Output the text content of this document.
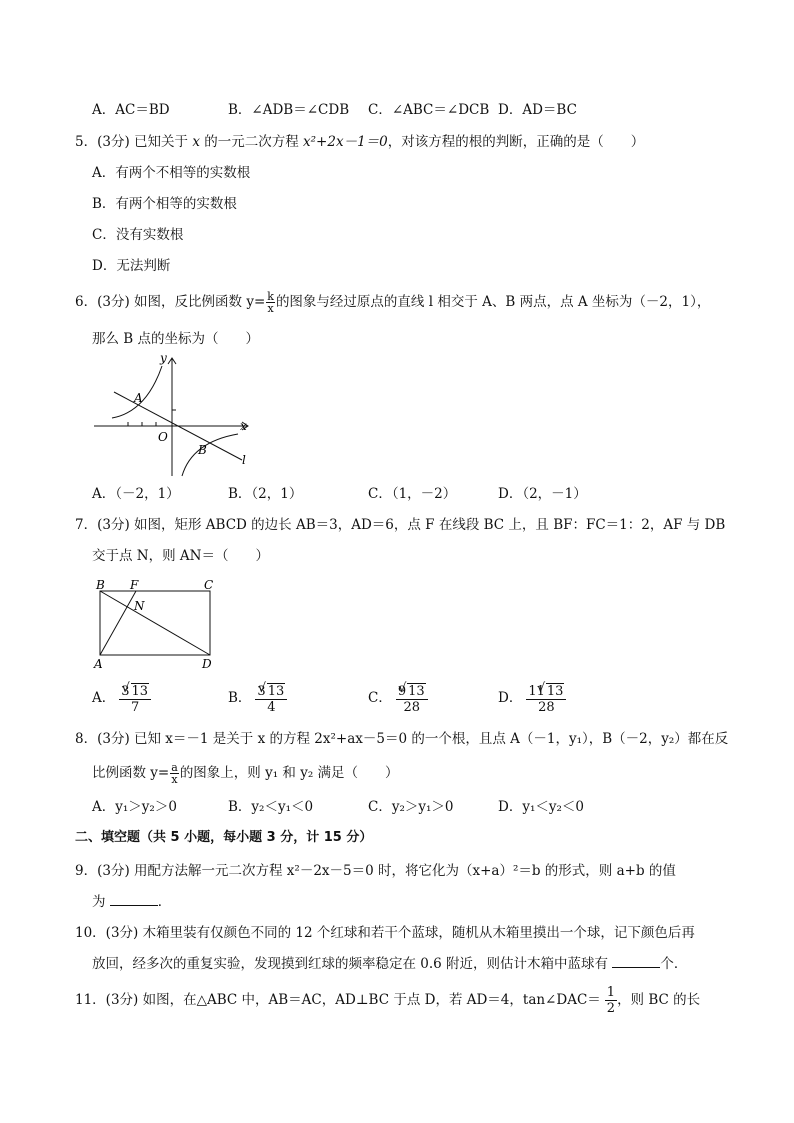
A．AC＝BD	B．∠ADB＝∠CDB C．∠ABC＝∠DCB D．AD＝BC
5．(3分) 已知关于 x 的一元二次方程 x²+2x－1＝0，对该方程的根的判断，正确的是（　　）
A．有两个不相等的实数根
B．有两个相等的实数根
C．没有实数根
D．无法判断
6．(3分) 如图，反比例函数 $y= \frac{k}{x}$ 的图象与经过原点的直线 l 相交于 A、B 两点，点 A 坐标为（－2，1），
那么 B 点的坐标为（　　）
y
x
O
A
B
l
A．（－2，1）	B．（2，1）	C．（1，－2）	D．（2，－1）
7．(3分) 如图，矩形 ABCD 的边长 AB＝3，AD＝6，点 F 在线段 BC 上，且 BF：FC＝1：2，AF 与 DB
交于点 N，则 AN＝（　　）
B F	C
N
A	D
A． $\frac{3 √ 13}{7}$	B． $\frac{3 √ 13}{4}$	C． $\frac{9 √ 13}{28}$	D． $\frac{11 √ 13}{28}$
8．(3分) 已知 x＝－1 是关于 x 的方程 2x²+ax－5＝0 的一个根，且点 A（－1，y₁），B（－2，y₂）都在反
比例函数 $y= \frac{a}{x}$ 的图象上，则 y₁ 和 y₂ 满足（　　）
A．y₁＞y₂＞0	B．y₂＜y₁＜0	C．y₂＞y₁＞0	D．y₁＜y₂＜0
二、填空题（共 5 小题，每小题 3 分，计 15 分）
9．(3分) 用配方法解一元二次方程 x²－2x－5＝0 时，将它化为（x+a）²＝b 的形式，则 a+b 的值
为	．
10．(3分) 木箱里装有仅颜色不同的 12 个红球和若干个蓝球，随机从木箱里摸出一个球，记下颜色后再
放回，经多次的重复实验，发现摸到红球的频率稳定在 0.6 附近，则估计木箱中蓝球有	个．
11．(3分) 如图，在△ABC 中，AB＝AC，AD⊥BC 于点 D，若 AD＝4，tan∠DAC＝ $\frac{1}{2}$ ，则 BC 的长
